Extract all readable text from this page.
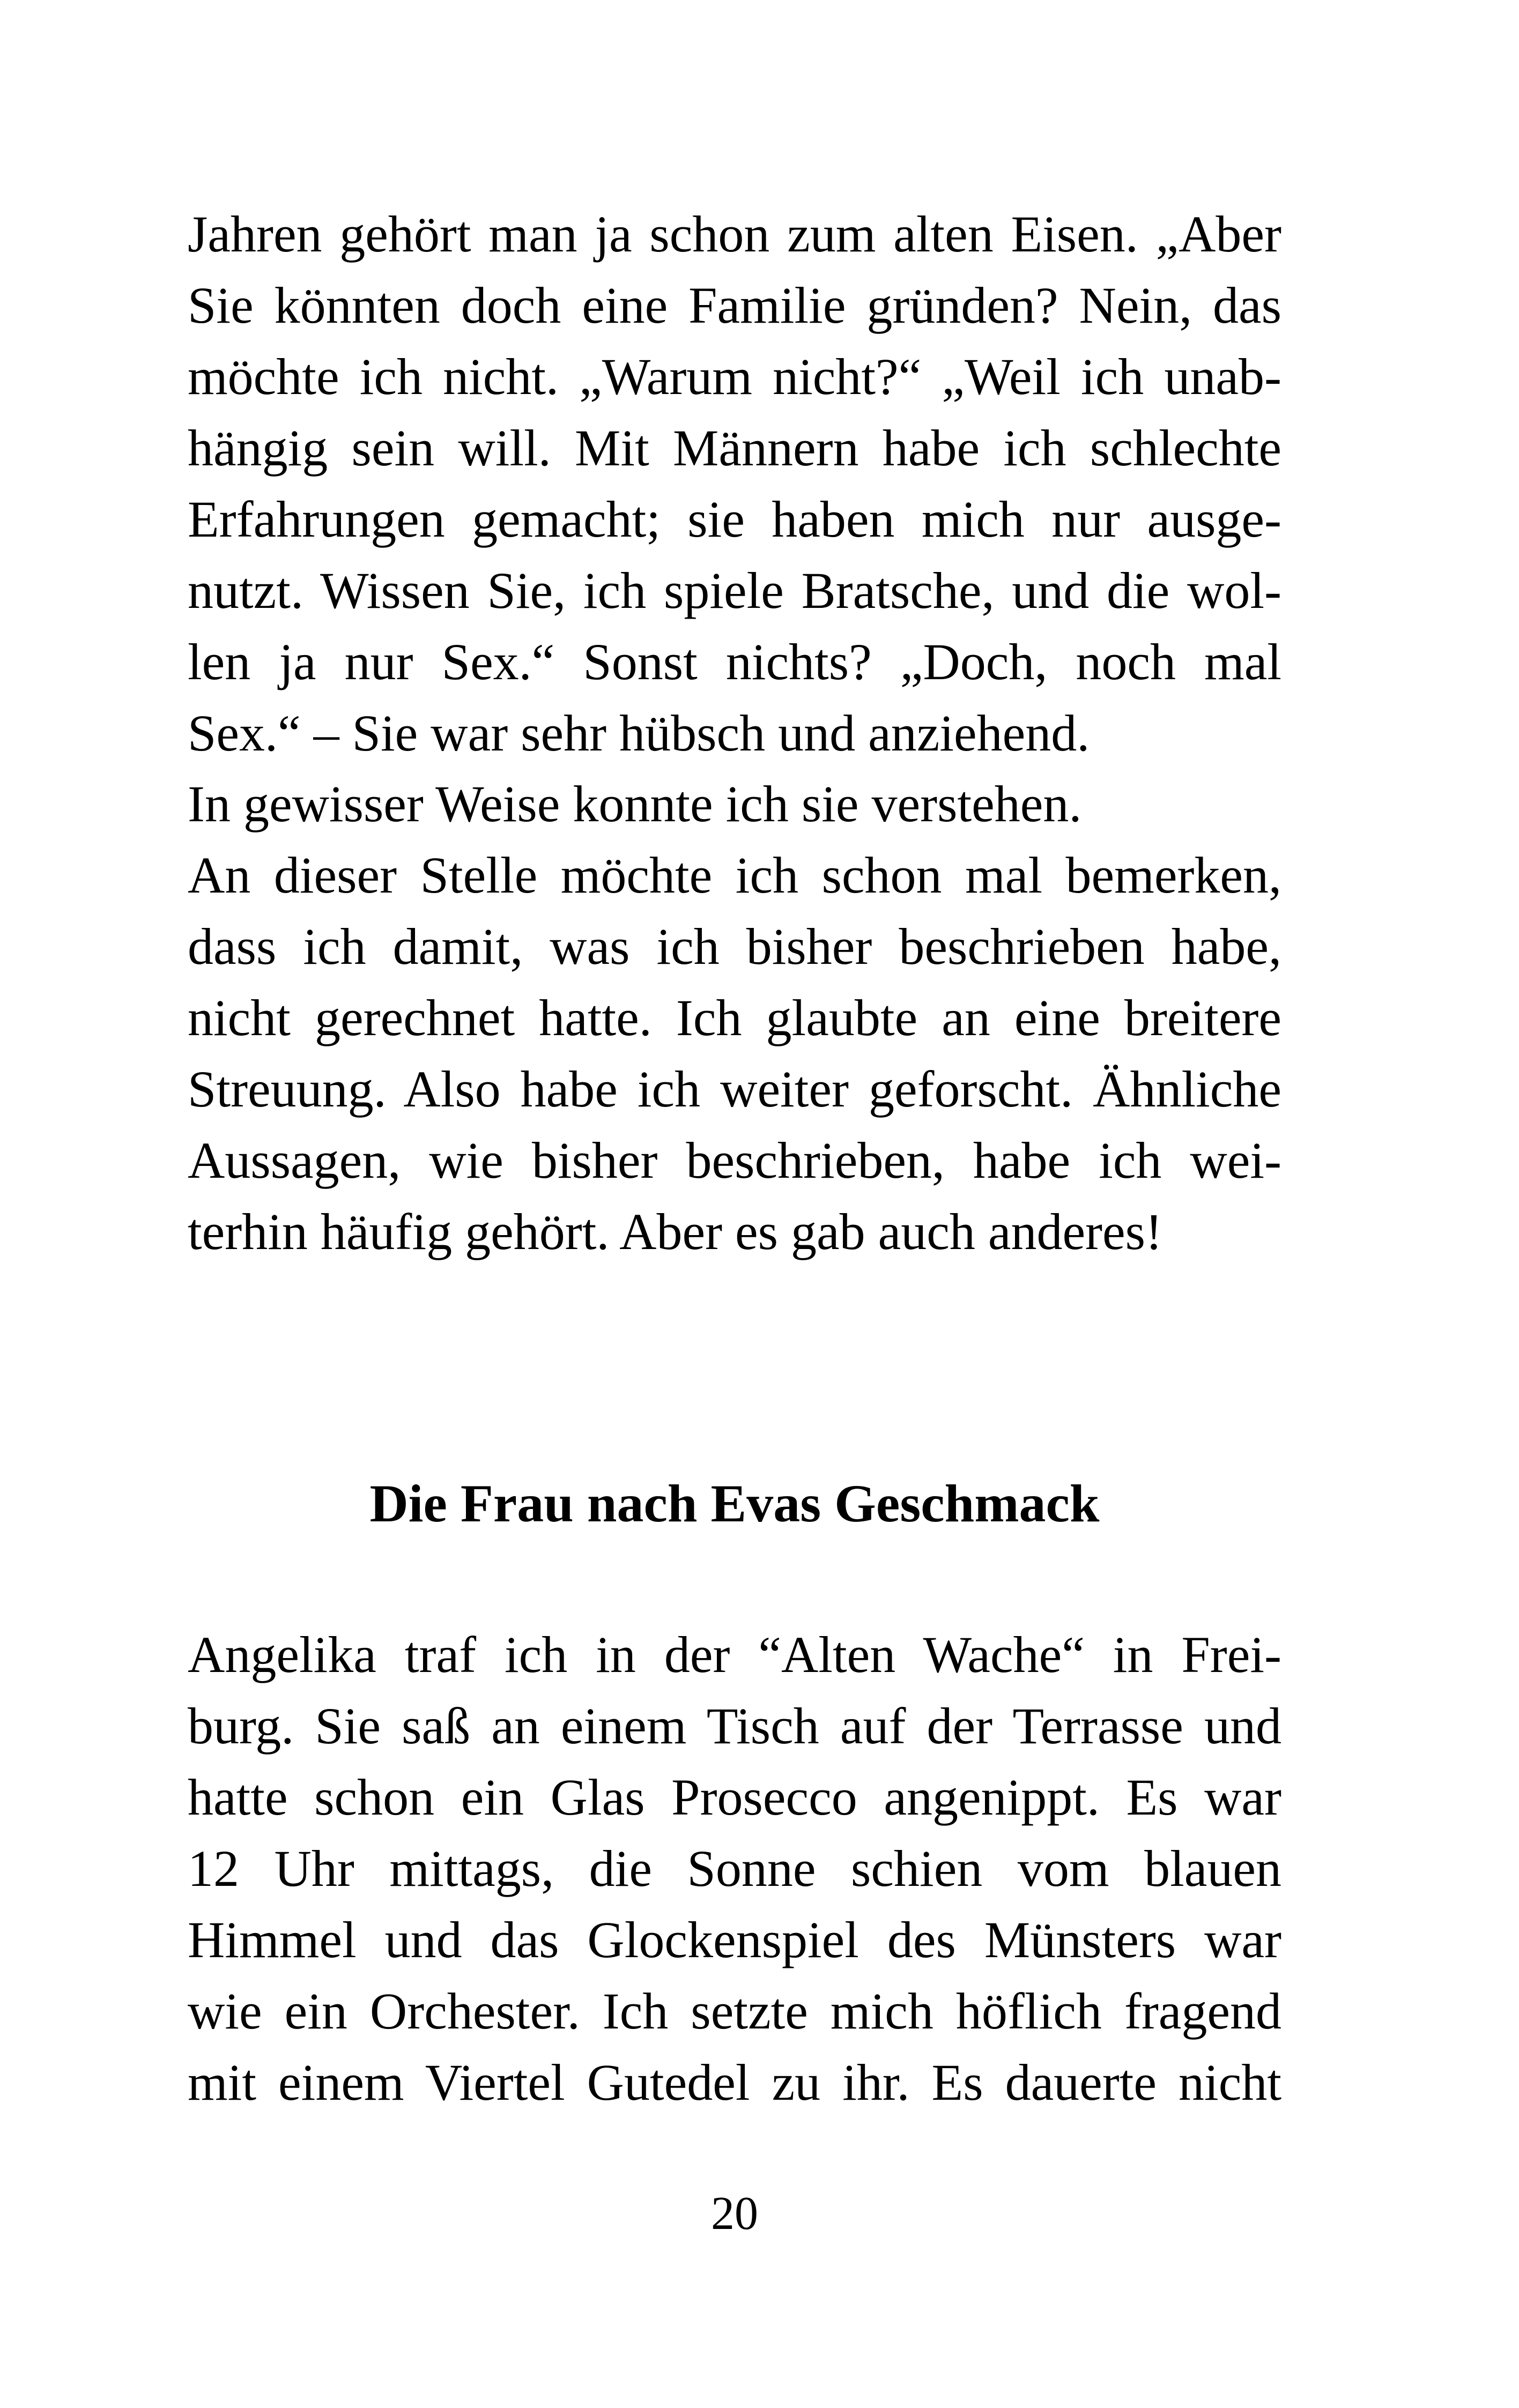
Jahren gehört man ja schon zum alten Eisen. „Aber
Sie könnten doch eine Familie gründen? Nein, das
möchte ich nicht. „Warum nicht?“ „Weil ich unab-
hängig sein will. Mit Männern habe ich schlechte
Erfahrungen gemacht; sie haben mich nur ausge-
nutzt. Wissen Sie, ich spiele Bratsche, und die wol-
len ja nur Sex.“ Sonst nichts? „Doch, noch mal
Sex.“ – Sie war sehr hübsch und anziehend.

In gewisser Weise konnte ich sie verstehen.

An dieser Stelle möchte ich schon mal bemerken,
dass ich damit, was ich bisher beschrieben habe,
nicht gerechnet hatte. Ich glaubte an eine breitere
Streuung. Also habe ich weiter geforscht. Ähnliche
Aussagen, wie bisher beschrieben, habe ich wei-
terhin häufig gehört. Aber es gab auch anderes!

Die Frau nach Evas Geschmack

Angelika traf ich in der “Alten Wache“ in Frei-
burg. Sie saß an einem Tisch auf der Terrasse und
hatte schon ein Glas Prosecco angenippt. Es war
12 Uhr mittags, die Sonne schien vom blauen
Himmel und das Glockenspiel des Münsters war
wie ein Orchester. Ich setzte mich höflich fragend
mit einem Viertel Gutedel zu ihr. Es dauerte nicht

20
